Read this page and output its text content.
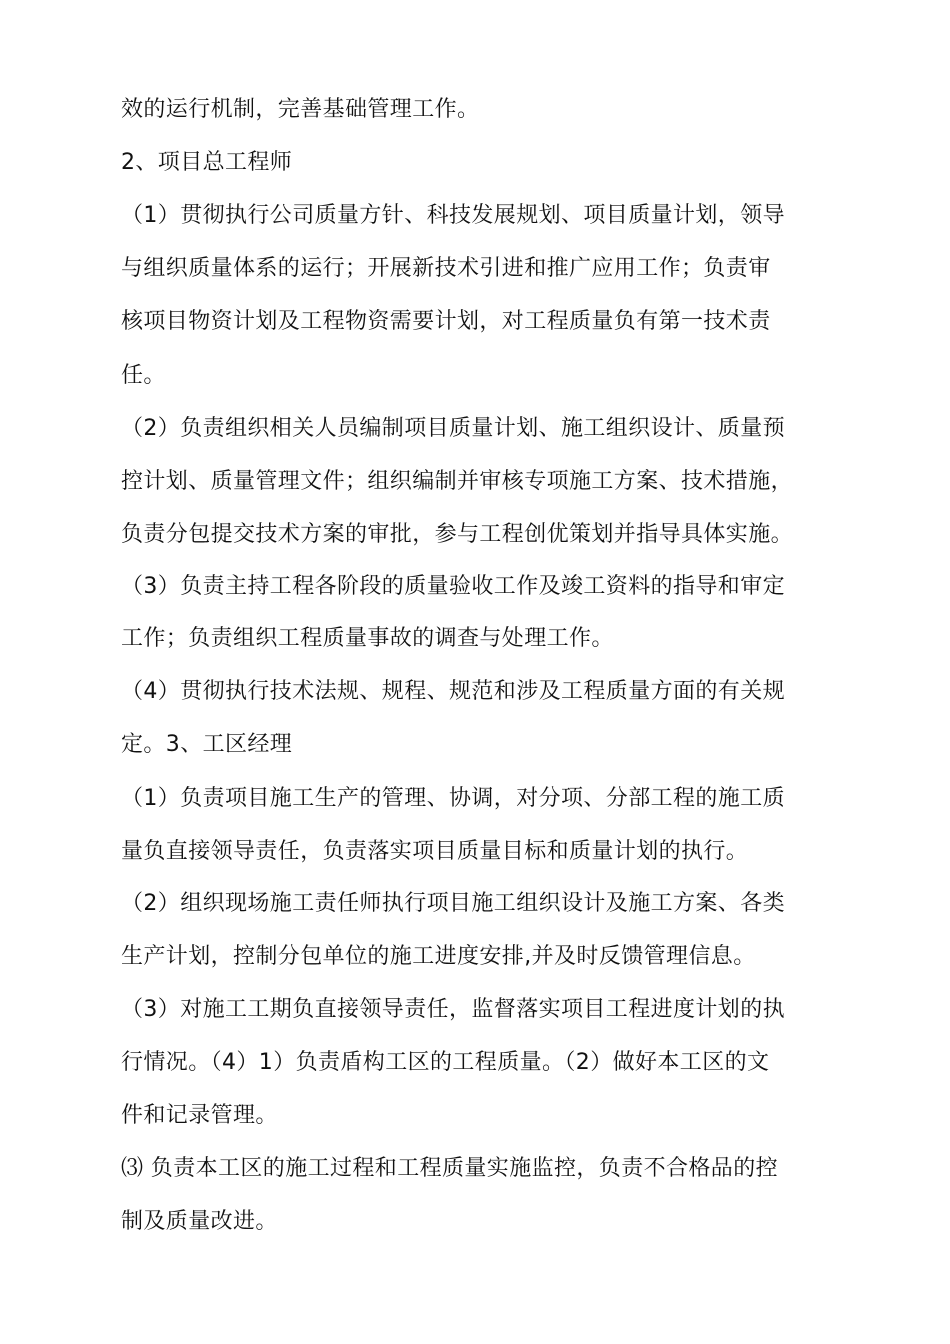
效的运行机制，完善基础管理工作。
2、项目总工程师
（1）贯彻执行公司质量方针、科技发展规划、项目质量计划，领导
与组织质量体系的运行；开展新技术引进和推广应用工作；负责审
核项目物资计划及工程物资需要计划，对工程质量负有第一技术责
任。
（2）负责组织相关人员编制项目质量计划、施工组织设计、质量预
控计划、质量管理文件；组织编制并审核专项施工方案、技术措施，
负责分包提交技术方案的审批，参与工程创优策划并指导具体实施。
（3）负责主持工程各阶段的质量验收工作及竣工资料的指导和审定
工作；负责组织工程质量事故的调查与处理工作。
（4）贯彻执行技术法规、规程、规范和涉及工程质量方面的有关规
定。3、工区经理
（1）负责项目施工生产的管理、协调，对分项、分部工程的施工质
量负直接领导责任，负责落实项目质量目标和质量计划的执行。
（2）组织现场施工责任师执行项目施工组织设计及施工方案、各类
生产计划，控制分包单位的施工进度安排,并及时反馈管理信息。
（3）对施工工期负直接领导责任，监督落实项目工程进度计划的执
行情况。（4）1）负责盾构工区的工程质量。（2）做好本工区的文
件和记录管理。
⑶ 负责本工区的施工过程和工程质量实施监控，负责不合格品的控
制及质量改进。
